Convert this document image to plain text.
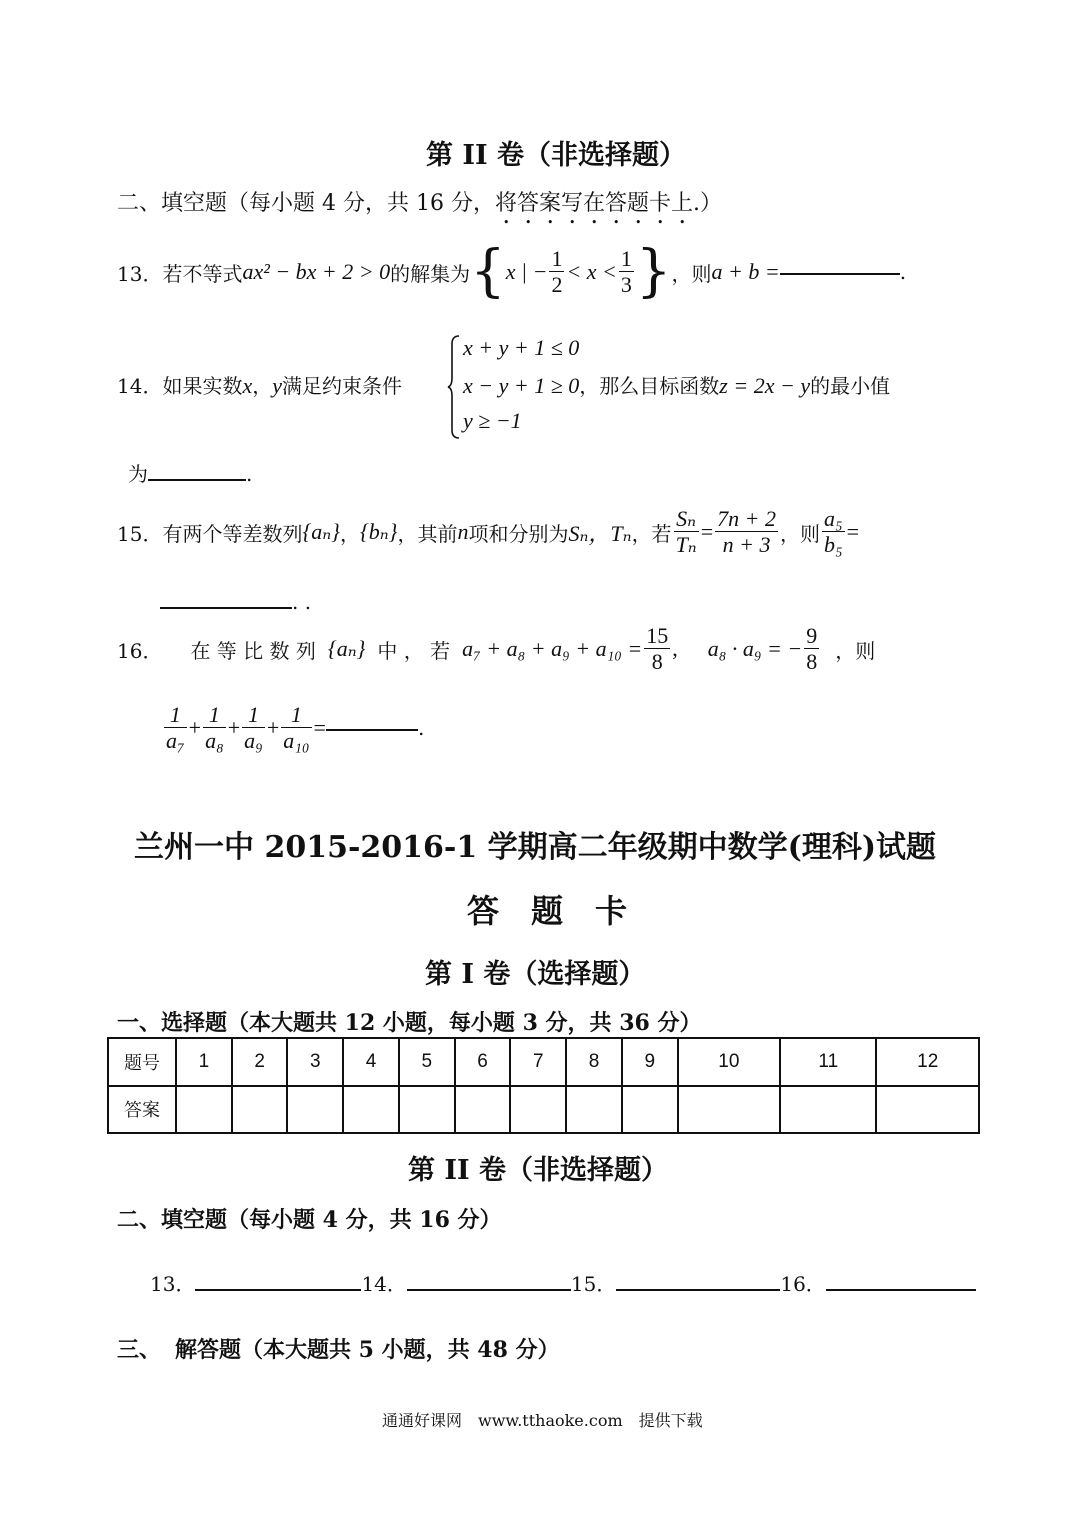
第 II 卷（非选择题）
二、填空题（每小题 4 分，共 16 分，将答案写在答题卡上.）
13． 若不等式 ax² − bx + 2 > 0 的解集为 { x | − $\frac{1}{2} < x < \frac{1}{3}$ } ，则 a + b =	.
14．如果实数x，y满足约束条件
x + y + 1 ≤ 0
x − y + 1 ≥ 0，那么目标函数z = 2x − y的最小值
y ≥ −1
为	.
15． 有两个等差数列 {aₙ} ， {bₙ} ，其前 n 项和分别为 Sₙ，Tₙ ，若 $\frac{\text{Sₙ}}{\text{Tₙ}} = \frac{7n + 2}{n + 3}$ ，则 $\frac{\text{a₅}}{\text{b₅}}$ =
. .
16． 在 等 比 数 列 {aₙ} 中 ， 若 $a_7 + a_8 + a_9 + a_{10} = \frac{15}{8}$ , a₈ · a₉ = − $\frac{9}{8}$ ，则
$\frac{1}{\text{a₇}} + \frac{1}{\text{a₈}} + \frac{1}{\text{a₉}} + \frac{1}{\text{a₁₀}}$ =	.
兰州一中 2015-2016-1 学期高二年级期中数学(理科)试题
答　题　卡
第 I 卷（选择题）
一、选择题（本大题共 12 小题，每小题 3 分，共 36 分）
题号	1	2	3	4	5	6	7	8	9	10	11	12
答案												
第 II 卷（非选择题）
二、填空题（每小题 4 分，共 16 分）
13．	14．	15．	16．
三、 解答题（本大题共 5 小题，共 48 分）
通通好课网　www.tthaoke.com　提供下载
